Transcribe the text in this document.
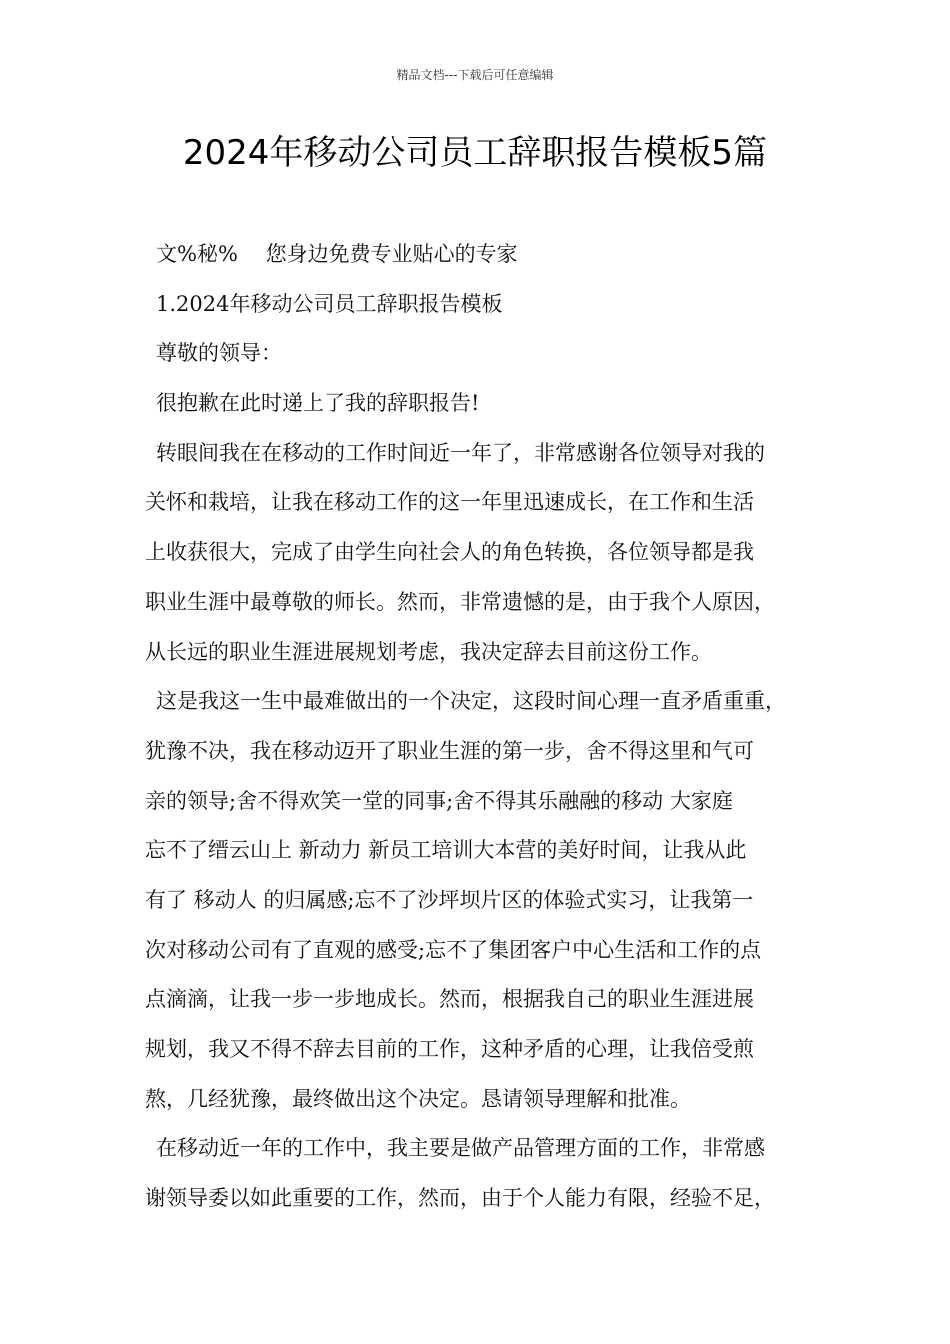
精品文档---下载后可任意编辑
2024年移动公司员工辞职报告模板5篇
文%秘%　 您身边免费专业贴心的专家
1.2024年移动公司员工辞职报告模板
尊敬的领导：
很抱歉在此时递上了我的辞职报告!
转眼间我在在移动的工作时间近一年了，非常感谢各位领导对我的
关怀和栽培，让我在移动工作的这一年里迅速成长，在工作和生活
上收获很大，完成了由学生向社会人的角色转换，各位领导都是我
职业生涯中最尊敬的师长。然而，非常遗憾的是，由于我个人原因，
从长远的职业生涯进展规划考虑，我决定辞去目前这份工作。
这是我这一生中最难做出的一个决定，这段时间心理一直矛盾重重，
犹豫不决，我在移动迈开了职业生涯的第一步，舍不得这里和气可
亲的领导;舍不得欢笑一堂的同事;舍不得其乐融融的移动 大家庭
忘不了缙云山上 新动力 新员工培训大本营的美好时间，让我从此
有了 移动人 的归属感;忘不了沙坪坝片区的体验式实习，让我第一
次对移动公司有了直观的感受;忘不了集团客户中心生活和工作的点
点滴滴，让我一步一步地成长。然而，根据我自己的职业生涯进展
规划，我又不得不辞去目前的工作，这种矛盾的心理，让我倍受煎
熬，几经犹豫，最终做出这个决定。恳请领导理解和批准。
在移动近一年的工作中，我主要是做产品管理方面的工作，非常感
谢领导委以如此重要的工作，然而，由于个人能力有限，经验不足，
